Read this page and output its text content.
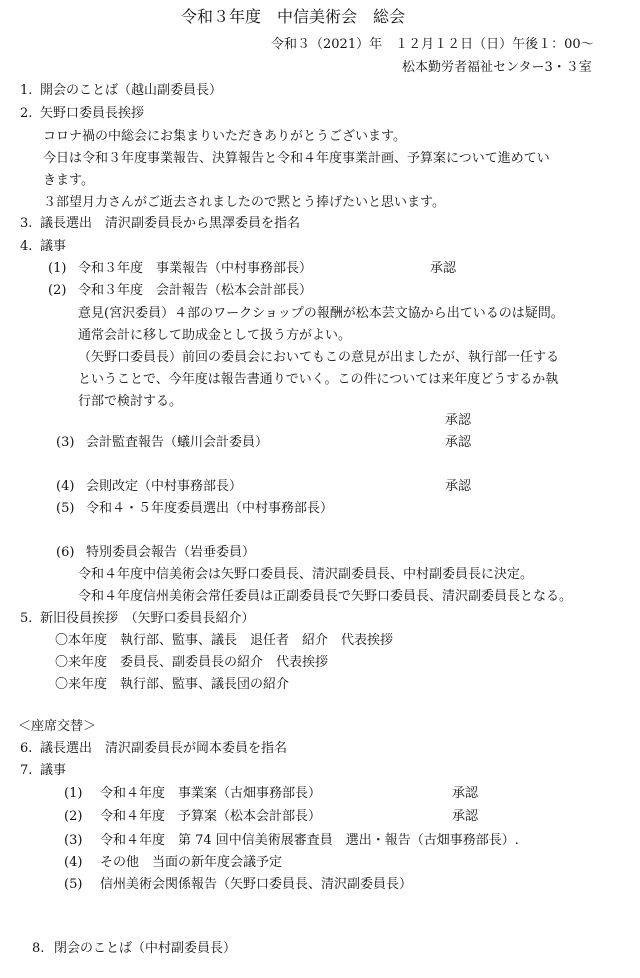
令和３年度　中信美術会　総会
令和３（2021）年　１２月１２日（日）午後１：00～
松本勤労者福祉センター3・３室
1. 開会のことば（越山副委員長）
2. 矢野口委員長挨拶
コロナ禍の中総会にお集まりいただきありがとうございます。
今日は令和３年度事業報告、決算報告と令和４年度事業計画、予算案について進めてい
きます。
３部望月力さんがご逝去されましたので黙とう捧げたいと思います。
3. 議長選出　清沢副委員長から黒澤委員を指名
4. 議事
(1) 令和３年度　事業報告（中村事務部長）	承認
(2) 令和３年度　会計報告（松本会計部長）
意見(宮沢委員）４部のワークショップの報酬が松本芸文協から出ているのは疑問。
通常会計に移して助成金として扱う方がよい。
（矢野口委員長）前回の委員会においてもこの意見が出ましたが、執行部一任する
ということで、今年度は報告書通りでいく。この件については来年度どうするか執
行部で検討する。
承認
(3) 会計監査報告（蟻川会計委員）	承認
(4) 会則改定（中村事務部長）	承認
(5) 令和４・５年度委員選出（中村事務部長）
(6) 特別委員会報告（岩垂委員）
令和４年度中信美術会は矢野口委員長、清沢副委員長、中村副委員長に決定。
令和４年度信州美術会常任委員は正副委員長で矢野口委員長、清沢副委員長となる。
5. 新旧役員挨拶　（矢野口委員長紹介）
〇本年度　執行部、監事、議長　退任者　紹介　代表挨拶
〇来年度　委員長、副委員長の紹介　代表挨拶
〇来年度　執行部、監事、議長団の紹介
＜座席交替＞
6. 議長選出　清沢副委員長が岡本委員を指名
7. 議事
(1) 令和４年度　事業案（古畑事務部長）	承認
(2) 令和４年度　予算案（松本会計部長）	承認
(3) 令和４年度　第 74 回中信美術展審査員　選出・報告（古畑事務部長）.
(4) その他　当面の新年度会議予定
(5) 信州美術会関係報告（矢野口委員長、清沢副委員長）
8. 閉会のことば（中村副委員長）
